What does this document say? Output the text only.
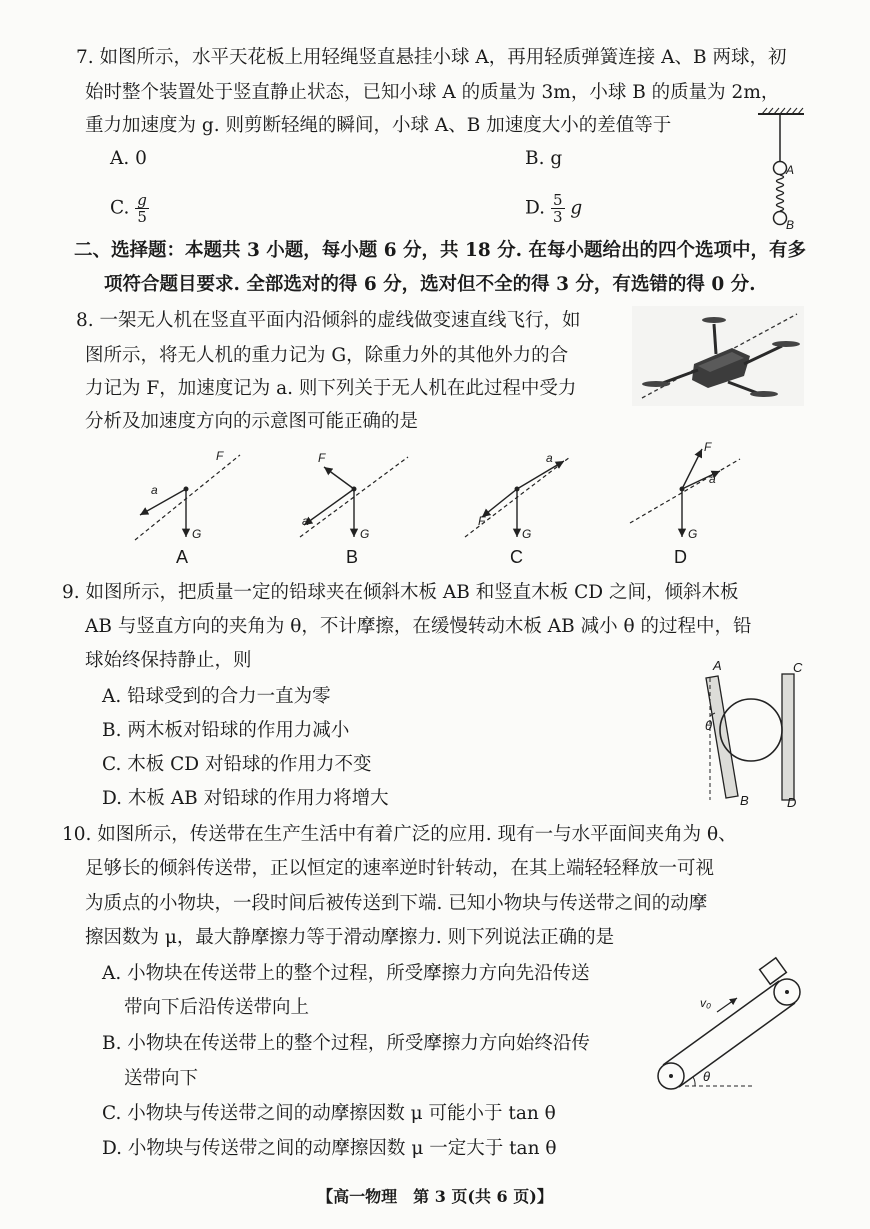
7. 如图所示，水平天花板上用轻绳竖直悬挂小球 A，再用轻质弹簧连接 A、B 两球，初
始时整个装置处于竖直静止状态，已知小球 A 的质量为 3m，小球 B 的质量为 2m，
重力加速度为 g. 则剪断轻绳的瞬间，小球 A、B 加速度大小的差值等于
A. 0	B. g
C. $\frac{g}{5}$	D. $\frac{5}{3}$ g
A
B
二、选择题：本题共 3 小题，每小题 6 分，共 18 分. 在每小题给出的四个选项中，有多
项符合题目要求. 全部选对的得 6 分，选对但不全的得 3 分，有选错的得 0 分.
8. 一架无人机在竖直平面内沿倾斜的虚线做变速直线飞行，如
图所示，将无人机的重力记为 G，除重力外的其他外力的合
力记为 F，加速度记为 a. 则下列关于无人机在此过程中受力
分析及加速度方向的示意图可能正确的是
F
a
G
A
F
a
G
B
a
F
G
C
F
a
G
D
9. 如图所示，把质量一定的铅球夹在倾斜木板 AB 和竖直木板 CD 之间，倾斜木板
AB 与竖直方向的夹角为 θ，不计摩擦，在缓慢转动木板 AB 减小 θ 的过程中，铅
球始终保持静止，则
A. 铅球受到的合力一直为零
B. 两木板对铅球的作用力减小
C. 木板 CD 对铅球的作用力不变
D. 木板 AB 对铅球的作用力将增大
A	C
θ
B	D
10. 如图所示，传送带在生产生活中有着广泛的应用. 现有一与水平面间夹角为 θ、
足够长的倾斜传送带，正以恒定的速率逆时针转动，在其上端轻轻释放一可视
为质点的小物块，一段时间后被传送到下端. 已知小物块与传送带之间的动摩
擦因数为 μ，最大静摩擦力等于滑动摩擦力. 则下列说法正确的是
A. 小物块在传送带上的整个过程，所受摩擦力方向先沿传送
带向下后沿传送带向上
B. 小物块在传送带上的整个过程，所受摩擦力方向始终沿传
送带向下
C. 小物块与传送带之间的动摩擦因数 μ 可能小于 tan θ
D. 小物块与传送带之间的动摩擦因数 μ 一定大于 tan θ
v₀
θ
【高一物理　第 3 页(共 6 页)】
